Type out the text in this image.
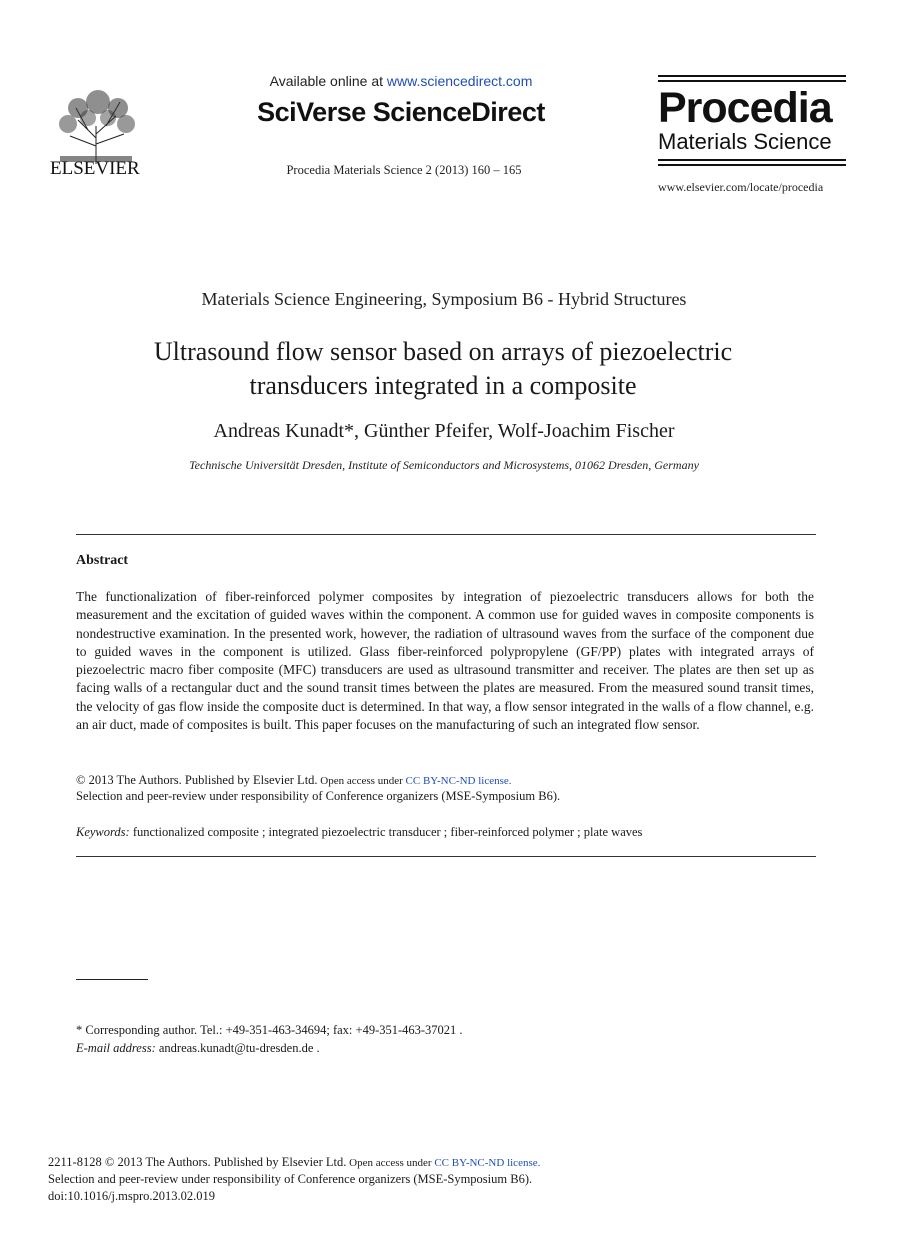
ELSEVIER
Available online at www.sciencedirect.com
SciVerse ScienceDirect
Procedia Materials Science 2 (2013) 160 – 165
Procedia
Materials Science
www.elsevier.com/locate/procedia
Materials Science Engineering, Symposium B6 - Hybrid Structures
Ultrasound flow sensor based on arrays of piezoelectric
transducers integrated in a composite
Andreas Kunadt*, Günther Pfeifer, Wolf-Joachim Fischer
Technische Universität Dresden, Institute of Semiconductors and Microsystems, 01062 Dresden, Germany
Abstract
The functionalization of fiber-reinforced polymer composites by integration of piezoelectric transducers allows for both the measurement and the excitation of guided waves within the component. A common use for guided waves in composite components is nondestructive examination. In the presented work, however, the radiation of ultrasound waves from the surface of the component due to guided waves in the component is utilized. Glass fiber-reinforced polypropylene (GF/PP) plates with integrated arrays of piezoelectric macro fiber composite (MFC) transducers are used as ultrasound transmitter and receiver. The plates are then set up as facing walls of a rectangular duct and the sound transit times between the plates are measured. From the measured sound transit times, the velocity of gas flow inside the composite duct is determined. In that way, a flow sensor integrated in the walls of a flow channel, e.g. an air duct, made of composites is built. This paper focuses on the manufacturing of such an integrated flow sensor.
© 2013 The Authors. Published by Elsevier Ltd. Open access under CC BY-NC-ND license.
Selection and peer-review under responsibility of Conference organizers (MSE-Symposium B6).
Keywords: functionalized composite ; integrated piezoelectric transducer ; fiber-reinforced polymer ; plate waves
* Corresponding author. Tel.: +49-351-463-34694; fax: +49-351-463-37021 .
E-mail address: andreas.kunadt@tu-dresden.de .
2211-8128 © 2013 The Authors. Published by Elsevier Ltd. Open access under CC BY-NC-ND license.
Selection and peer-review under responsibility of Conference organizers (MSE-Symposium B6).
doi:10.1016/j.mspro.2013.02.019
